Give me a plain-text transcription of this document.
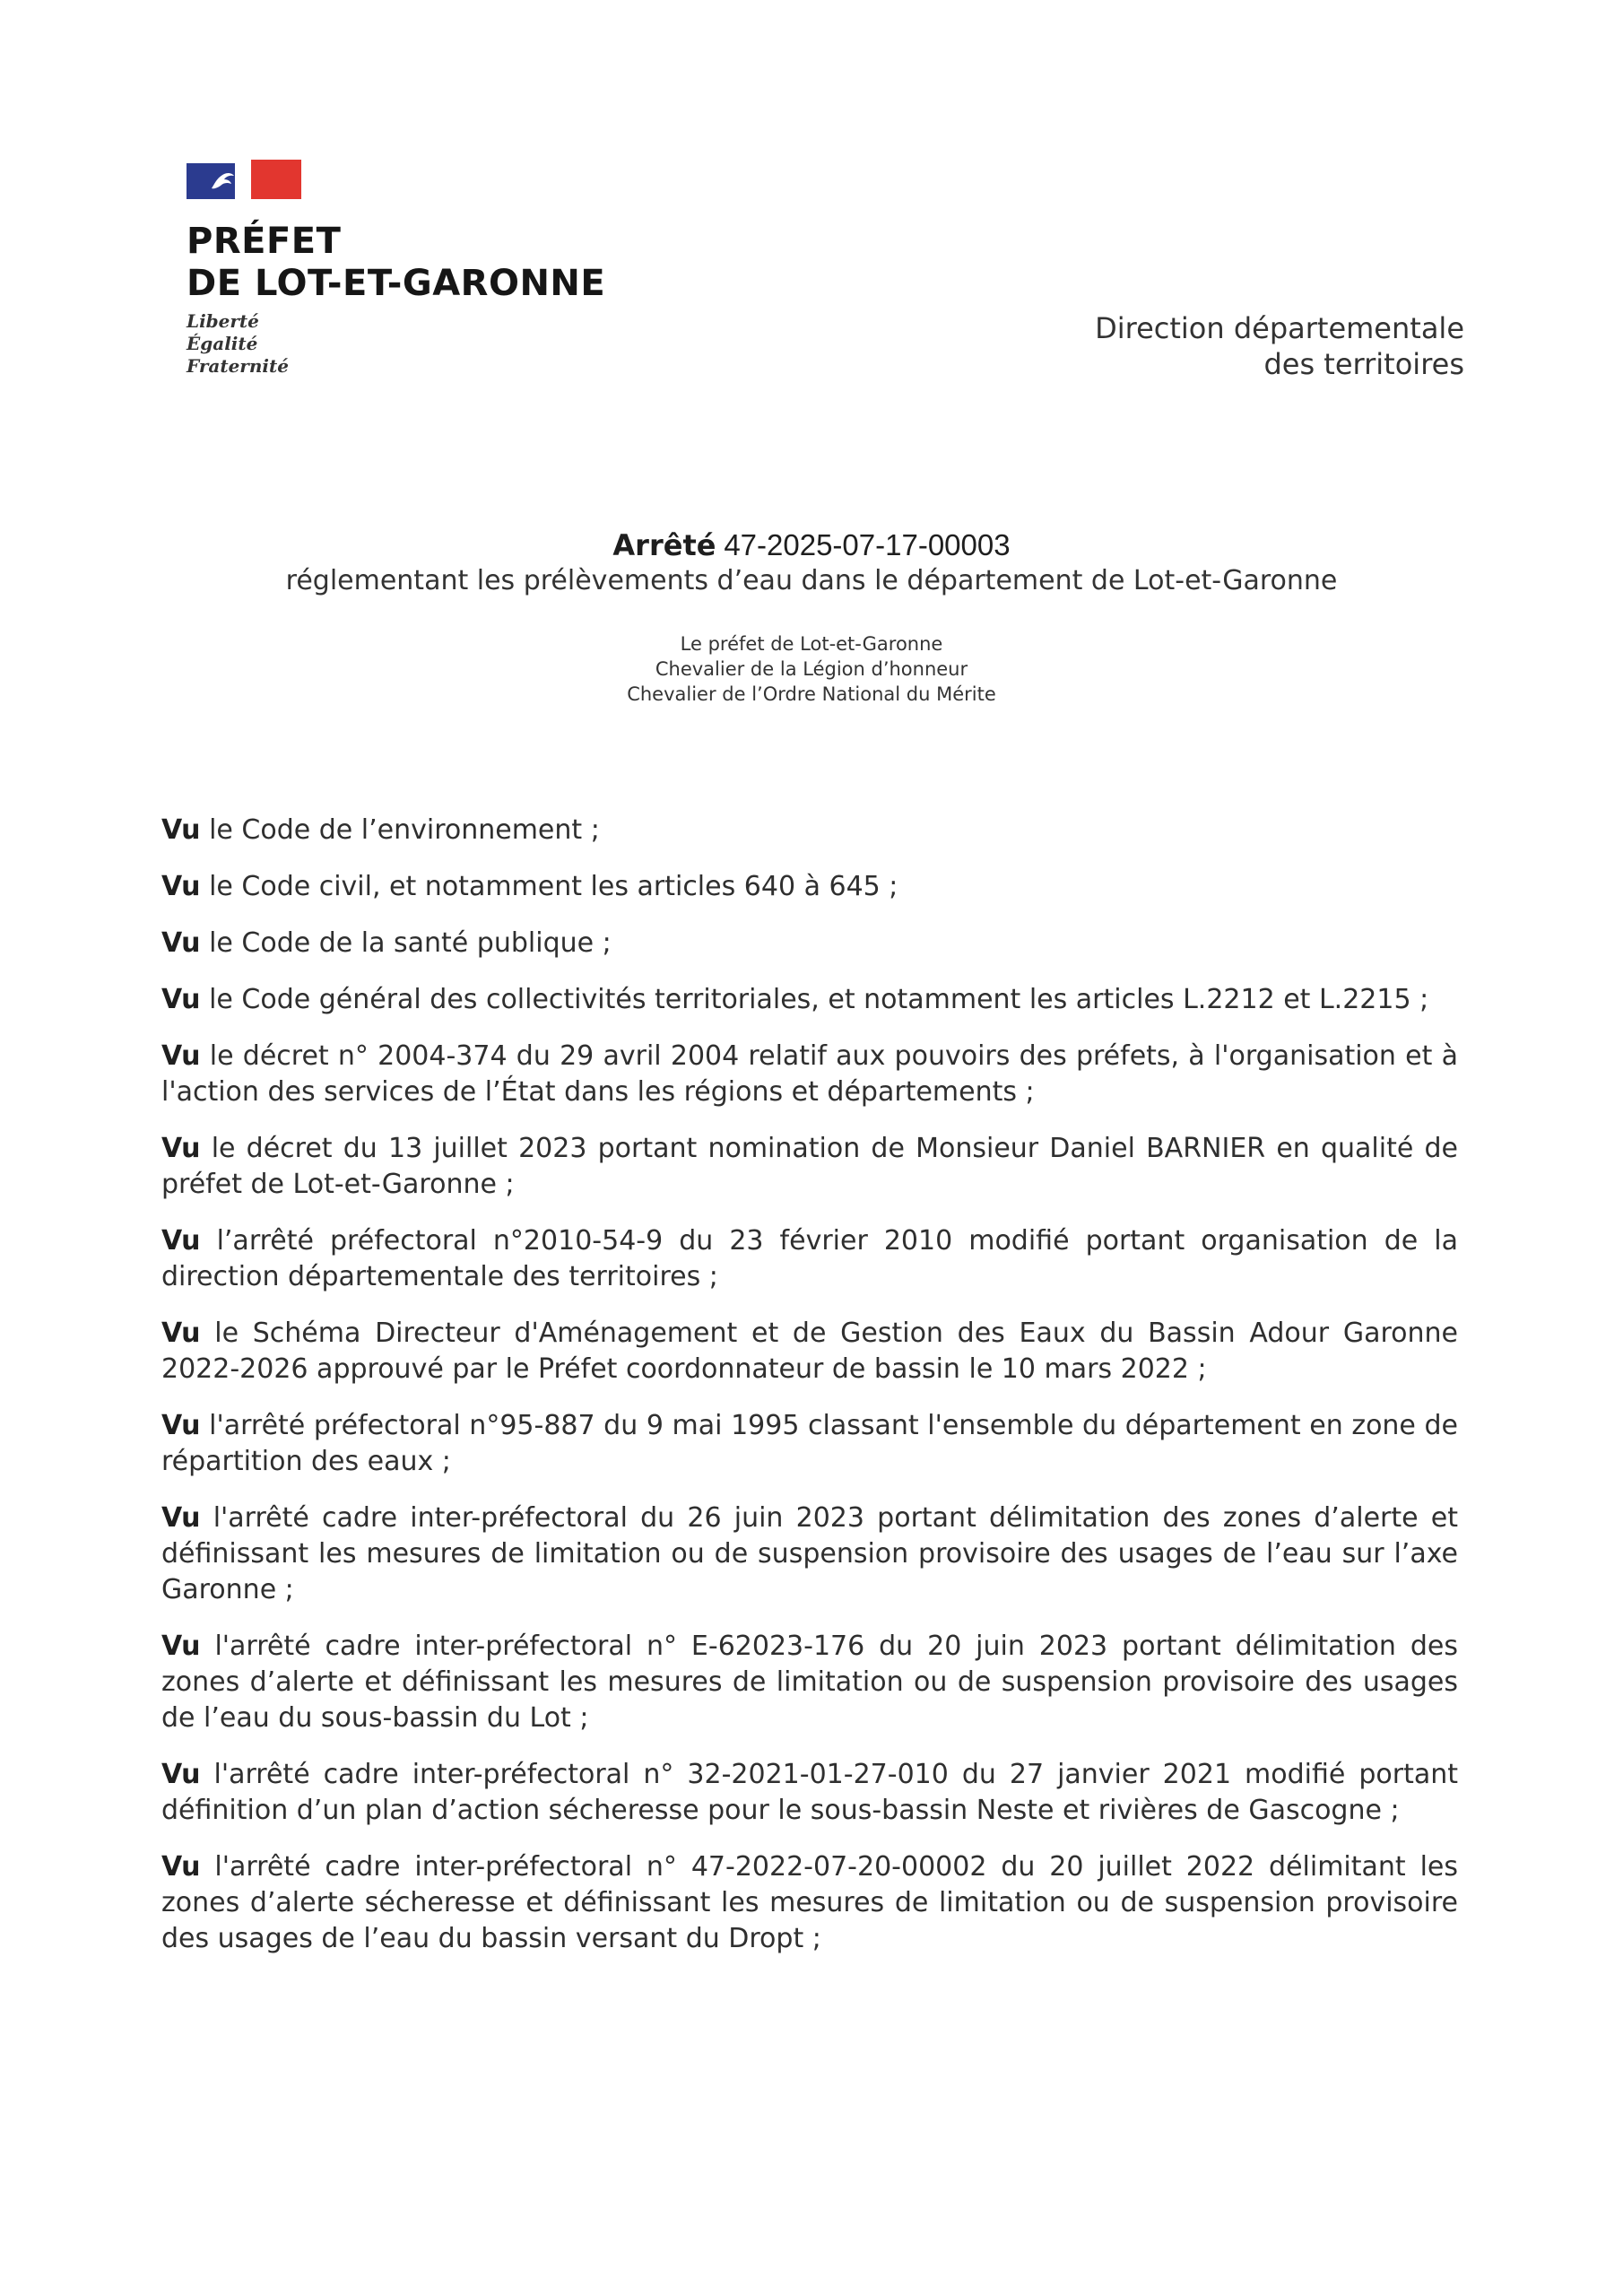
PRÉFET
DE LOT-ET-GARONNE
Liberté
Égalité
Fraternité
Direction départementale
des territoires
Arrêté 47-2025-07-17-00003
réglementant les prélèvements d’eau dans le département de Lot-et-Garonne
Le préfet de Lot-et-Garonne
Chevalier de la Légion d’honneur
Chevalier de l’Ordre National du Mérite

Vu le Code de l’environnement ;

Vu le Code civil, et notamment les articles 640 à 645 ;

Vu le Code de la santé publique ;

Vu le Code général des collectivités territoriales, et notamment les articles L.2212 et L.2215 ;

Vu le décret n° 2004-374 du 29 avril 2004 relatif aux pouvoirs des préfets, à l'organisation et à l'action des services de l’État dans les régions et départements ;

Vu le décret du 13 juillet 2023 portant nomination de Monsieur Daniel BARNIER en qualité de préfet de Lot-et-Garonne ;

Vu l’arrêté préfectoral n°2010-54-9 du 23 février 2010 modifié portant organisation de la direction départementale des territoires ;

Vu le Schéma Directeur d'Aménagement et de Gestion des Eaux du Bassin Adour Garonne 2022-2026 approuvé par le Préfet coordonnateur de bassin le 10 mars 2022 ;

Vu l'arrêté préfectoral n°95-887 du 9 mai 1995 classant l'ensemble du département en zone de répartition des eaux ;

Vu l'arrêté cadre inter-préfectoral du 26 juin 2023 portant délimitation des zones d’alerte et définissant les mesures de limitation ou de suspension provisoire des usages de l’eau sur l’axe Garonne ;

Vu l'arrêté cadre inter-préfectoral n° E-62023-176 du 20 juin 2023 portant délimitation des zones d’alerte et définissant les mesures de limitation ou de suspension provisoire des usages de l’eau du sous-bassin du Lot ;

Vu l'arrêté cadre inter-préfectoral n° 32-2021-01-27-010 du 27 janvier 2021 modifié portant définition d’un plan d’action sécheresse pour le sous-bassin Neste et rivières de Gascogne ;

Vu l'arrêté cadre inter-préfectoral n° 47-2022-07-20-00002 du 20 juillet 2022 délimitant les zones d’alerte sécheresse et définissant les mesures de limitation ou de suspension provisoire des usages de l’eau du bassin versant du Dropt ;
